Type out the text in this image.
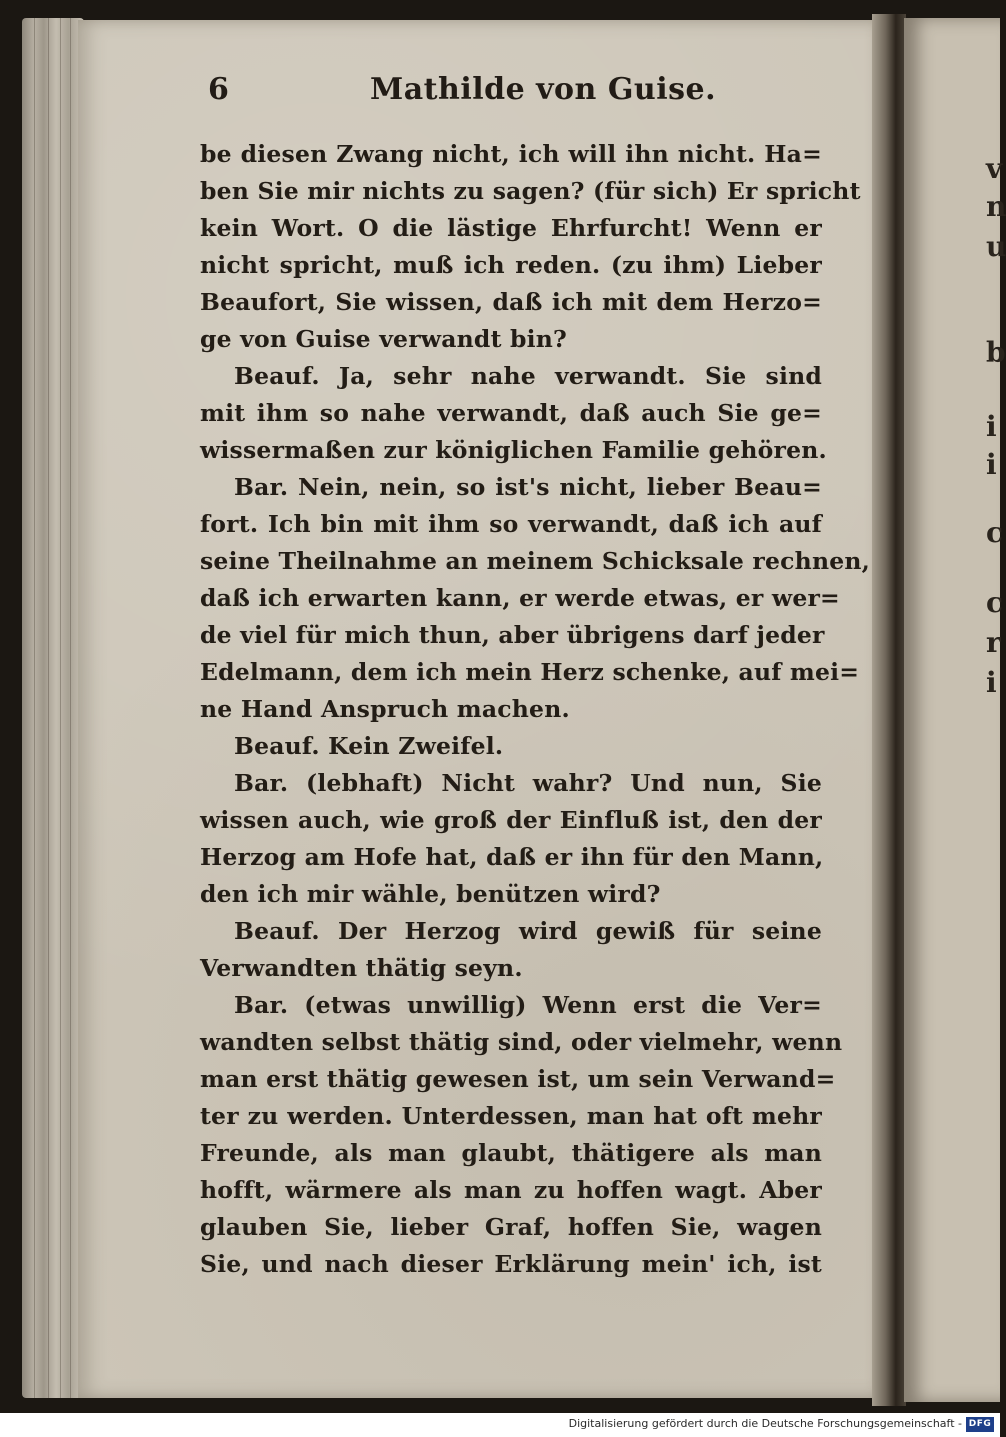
6	Mathilde von Guise.
be diesen Zwang nicht, ich will ihn nicht. Ha=
ben Sie mir nichts zu sagen? (für sich) Er spricht
kein Wort. O die lästige Ehrfurcht! Wenn er
nicht spricht, muß ich reden. (zu ihm) Lieber
Beaufort, Sie wissen, daß ich mit dem Herzo=
ge von Guise verwandt bin?
Beauf. Ja, sehr nahe verwandt. Sie sind
mit ihm so nahe verwandt, daß auch Sie ge=
wissermaßen zur königlichen Familie gehören.
Bar. Nein, nein, so ist's nicht, lieber Beau=
fort. Ich bin mit ihm so verwandt, daß ich auf
seine Theilnahme an meinem Schicksale rechnen,
daß ich erwarten kann, er werde etwas, er wer=
de viel für mich thun, aber übrigens darf jeder
Edelmann, dem ich mein Herz schenke, auf mei=
ne Hand Anspruch machen.
Beauf. Kein Zweifel.
Bar. (lebhaft) Nicht wahr? Und nun, Sie
wissen auch, wie groß der Einfluß ist, den der
Herzog am Hofe hat, daß er ihn für den Mann,
den ich mir wähle, benützen wird?
Beauf. Der Herzog wird gewiß für seine
Verwandten thätig seyn.
Bar. (etwas unwillig) Wenn erst die Ver=
wandten selbst thätig sind, oder vielmehr, wenn
man erst thätig gewesen ist, um sein Verwand=
ter zu werden. Unterdessen, man hat oft mehr
Freunde, als man glaubt, thätigere als man
hofft, wärmere als man zu hoffen wagt. Aber
glauben Sie, lieber Graf, hoffen Sie, wagen
Sie, und nach dieser Erklärung mein' ich, ist
v
n
u
b
i
i
c
c
r
i
Digitalisierung gefördert durch die Deutsche Forschungsgemeinschaft - DFG
